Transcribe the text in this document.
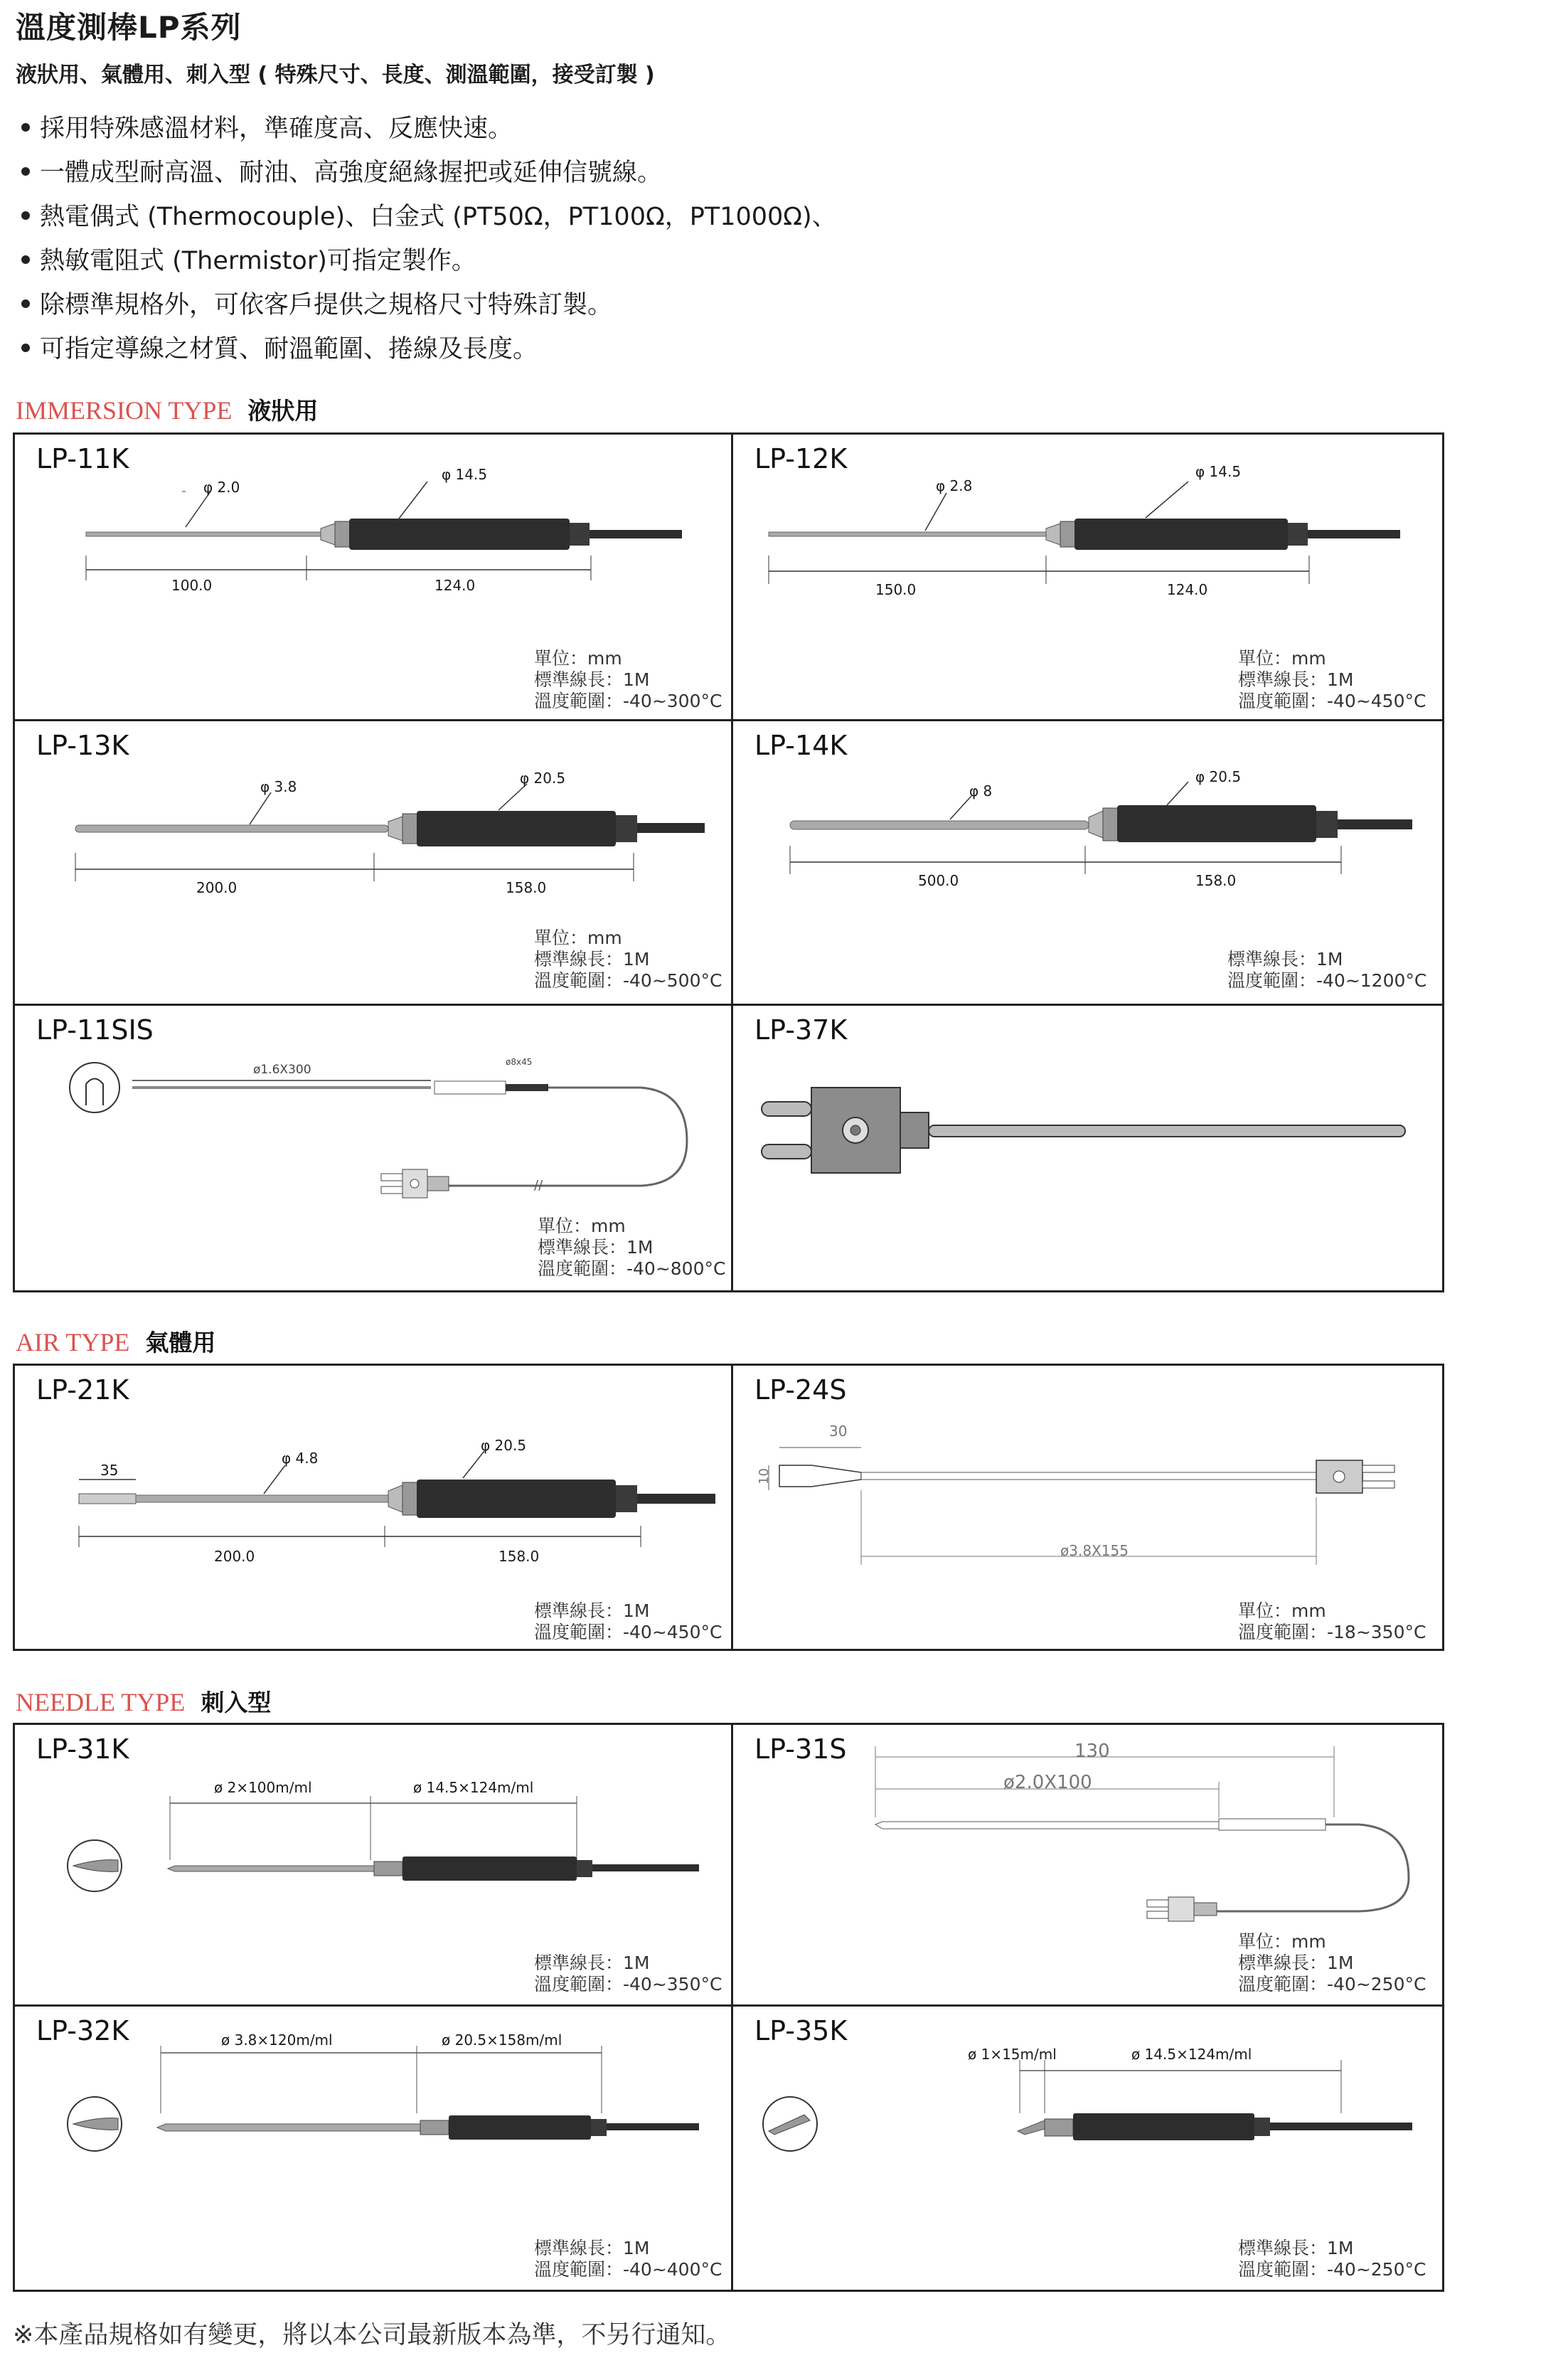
溫度測棒LP系列
液狀用、氣體用、刺入型 ( 特殊尺寸、長度、測溫範圍，接受訂製 )
採用特殊感溫材料，準確度高、反應快速。
一體成型耐高溫、耐油、高強度絕緣握把或延伸信號線。
熱電偶式 (Thermocouple)、白金式 (PT50Ω，PT100Ω，PT1000Ω)、
熱敏電阻式 (Thermistor)可指定製作。
除標準規格外，可依客戶提供之規格尺寸特殊訂製。
可指定導線之材質、耐溫範圍、捲線及長度。
IMMERSION TYPE 液狀用
LP-11K
φ 2.0
φ 14.5
100.0	124.0
單位：mm
標準線長：1M
溫度範圍：-40~300°C
LP-12K
φ 2.8
φ 14.5
150.0	124.0
單位：mm
標準線長：1M
溫度範圍：-40~450°C
LP-13K
φ 3.8	φ 20.5
200.0	158.0
單位：mm
標準線長：1M
溫度範圍：-40~500°C
LP-14K
φ 8
φ 20.5
500.0	158.0
標準線長：1M
溫度範圍：-40~1200°C
LP-11SIS
//
ø1.6X300
ø8x45
單位：mm
標準線長：1M
溫度範圍：-40~800°C
LP-37K
AIR TYPE 氣體用
LP-21K
35
φ 4.8
φ 20.5
200.0	158.0
標準線長：1M
溫度範圍：-40~450°C
LP-24S
30
10
ø3.8X155
單位：mm
溫度範圍：-18~350°C
NEEDLE TYPE 刺入型
LP-31K
ø 2×100m/ml	ø 14.5×124m/ml
標準線長：1M
溫度範圍：-40~350°C
LP-31S	130
ø2.0X100
單位：mm
標準線長：1M
溫度範圍：-40~250°C
LP-32K	ø 3.8×120m/ml	ø 20.5×158m/ml
標準線長：1M
溫度範圍：-40~400°C
LP-35K
ø 1×15m/ml	ø 14.5×124m/ml
標準線長：1M
溫度範圍：-40~250°C
※本產品規格如有變更，將以本公司最新版本為準，不另行通知。
